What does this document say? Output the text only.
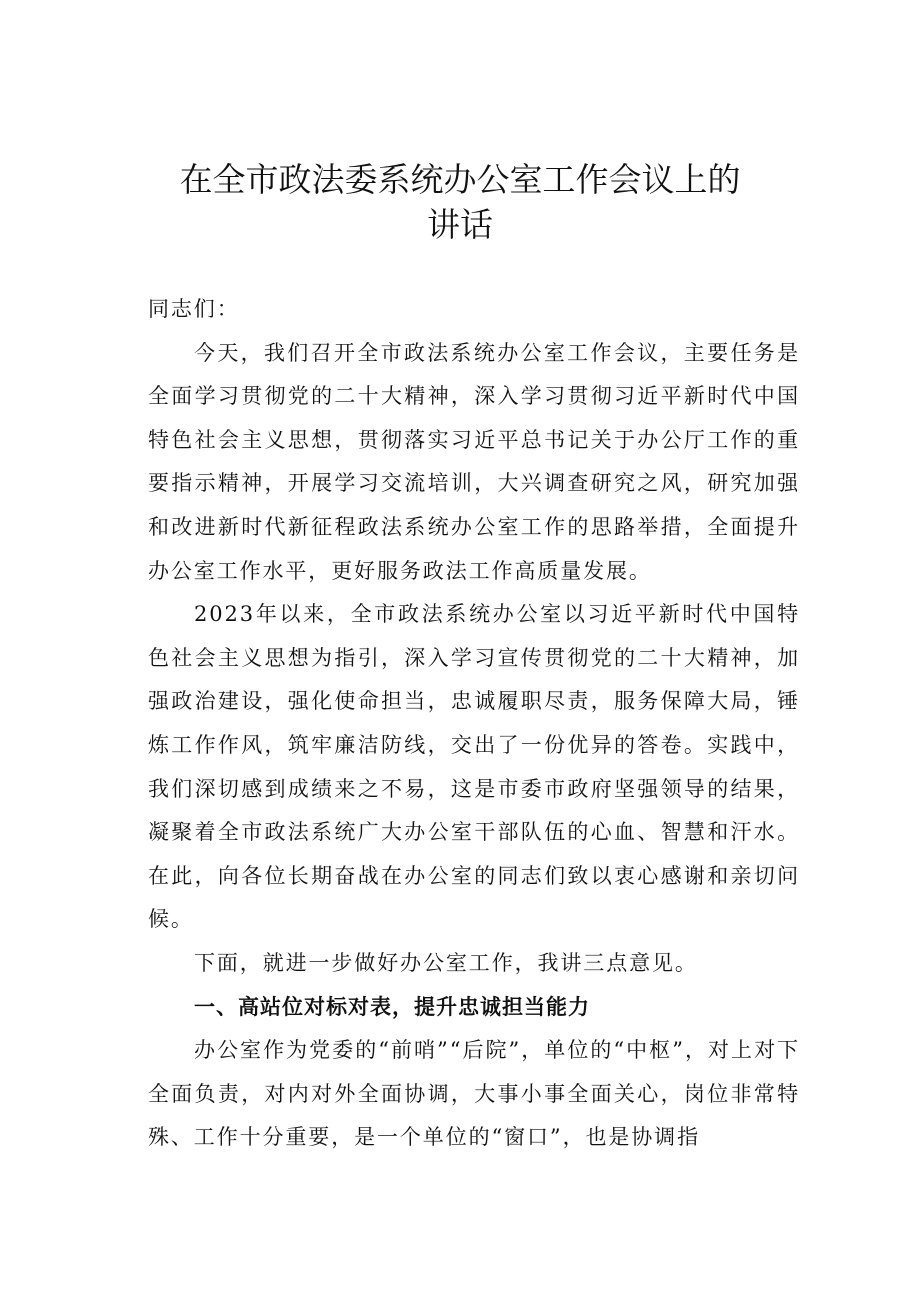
在全市政法委系统办公室工作会议上的
讲话

同志们：

今天，我们召开全市政法系统办公室工作会议，主要任务是全面学习贯彻党的二十大精神，深入学习贯彻习近平新时代中国特色社会主义思想，贯彻落实习近平总书记关于办公厅工作的重要指示精神，开展学习交流培训，大兴调查研究之风，研究加强和改进新时代新征程政法系统办公室工作的思路举措，全面提升办公室工作水平，更好服务政法工作高质量发展。

2023年以来，全市政法系统办公室以习近平新时代中国特色社会主义思想为指引，深入学习宣传贯彻党的二十大精神，加强政治建设，强化使命担当，忠诚履职尽责，服务保障大局，锤炼工作作风，筑牢廉洁防线，交出了一份优异的答卷。实践中，我们深切感到成绩来之不易，这是市委市政府坚强领导的结果，凝聚着全市政法系统广大办公室干部队伍的心血、智慧和汗水。在此，向各位长期奋战在办公室的同志们致以衷心感谢和亲切问候。

下面，就进一步做好办公室工作，我讲三点意见。

一、高站位对标对表，提升忠诚担当能力

办公室作为党委的“前哨”“后院”，单位的“中枢”，对上对下全面负责，对内对外全面协调，大事小事全面关心，岗位非常特殊、工作十分重要，是一个单位的“窗口”，也是协调指
